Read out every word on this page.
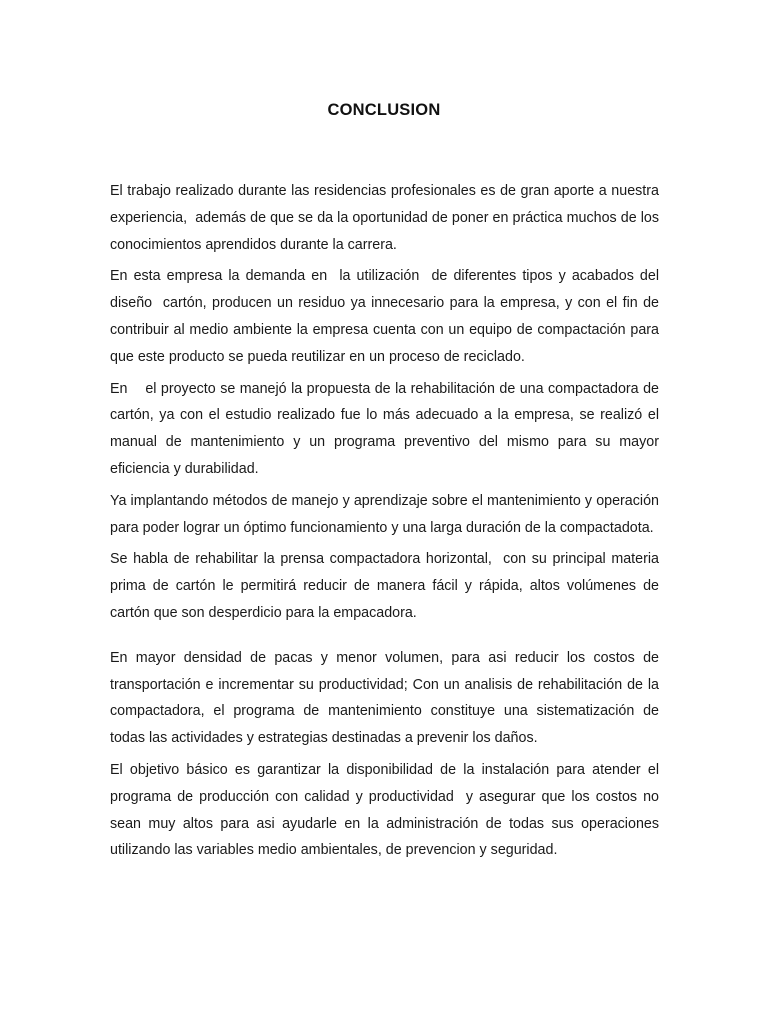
CONCLUSION

El trabajo realizado durante las residencias profesionales es de gran aporte a nuestra experiencia,  además de que se da la oportunidad de poner en práctica muchos de los conocimientos aprendidos durante la carrera.

En esta empresa la demanda en  la utilización  de diferentes tipos y acabados del diseño  cartón, producen un residuo ya innecesario para la empresa, y con el fin de contribuir al medio ambiente la empresa cuenta con un equipo de compactación para que este producto se pueda reutilizar en un proceso de reciclado.

En    el proyecto se manejó la propuesta de la rehabilitación de una compactadora de cartón, ya con el estudio realizado fue lo más adecuado a la empresa, se realizó el manual de mantenimiento y un programa preventivo del mismo para su mayor eficiencia y durabilidad.

Ya implantando métodos de manejo y aprendizaje sobre el mantenimiento y operación para poder lograr un óptimo funcionamiento y una larga duración de la compactadota.

Se habla de rehabilitar la prensa compactadora horizontal,  con su principal materia prima de cartón le permitirá reducir de manera fácil y rápida, altos volúmenes de cartón que son desperdicio para la empacadora.

En mayor densidad de pacas y menor volumen, para asi reducir los costos de transportación e incrementar su productividad; Con un analisis de rehabilitación de la compactadora, el programa de mantenimiento constituye una sistematización de todas las actividades y estrategias destinadas a prevenir los daños.

El objetivo básico es garantizar la disponibilidad de la instalación para atender el programa de producción con calidad y productividad  y asegurar que los costos no sean muy altos para asi ayudarle en la administración de todas sus operaciones utilizando las variables medio ambientales, de prevencion y seguridad.
